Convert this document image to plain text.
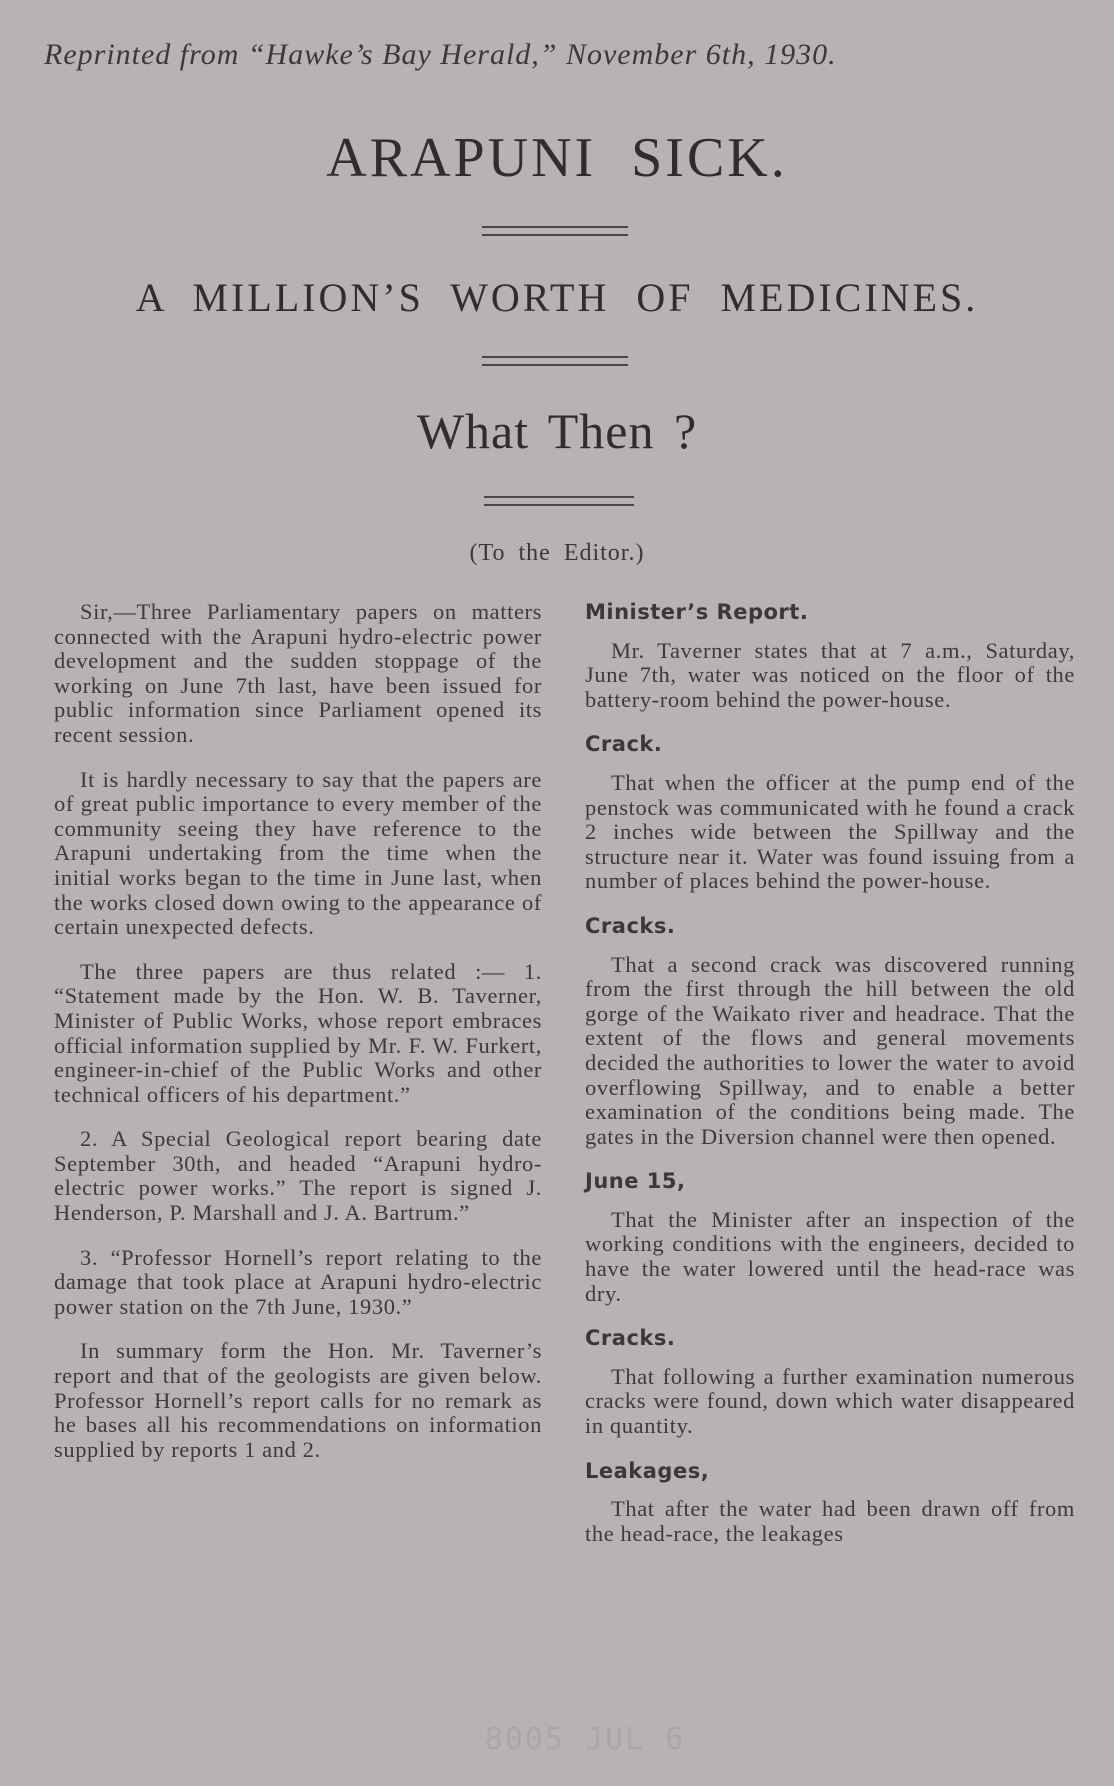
Reprinted from “Hawke’s Bay Herald,” November 6th, 1930.
ARAPUNI SICK.
A MILLION’S WORTH OF MEDICINES.
What Then ?
(To the Editor.)

Sir,—Three Parliamentary papers on matters connected with the Arapuni hydro-electric power development and the sudden stoppage of the working on June 7th last, have been issued for public information since Parliament opened its recent session.

It is hardly necessary to say that the papers are of great public importance to every member of the community seeing they have reference to the Arapuni undertaking from the time when the initial works began to the time in June last, when the works closed down owing to the appearance of certain unexpected defects.

The three papers are thus related :— 1. “Statement made by the Hon. W. B. Taverner, Minister of Public Works, whose report embraces official information supplied by Mr. F. W. Furkert, engineer-in-chief of the Public Works and other technical officers of his department.”

2. A Special Geological report bearing date September 30th, and headed “Arapuni hydro-electric power works.” The report is signed J. Henderson, P. Marshall and J. A. Bartrum.”

3. “Professor Hornell’s report relating to the damage that took place at Arapuni hydro-electric power station on the 7th June, 1930.”

In summary form the Hon. Mr. Taverner’s report and that of the geologists are given below. Professor Hornell’s report calls for no remark as he bases all his recommendations on information supplied by reports 1 and 2.

Minister’s Report.

Mr. Taverner states that at 7 a.m., Saturday, June 7th, water was noticed on the floor of the battery-room behind the power-house.

Crack.

That when the officer at the pump end of the penstock was communicated with he found a crack 2 inches wide between the Spillway and the structure near it. Water was found issuing from a number of places behind the power-house.

Cracks.

That a second crack was discovered running from the first through the hill between the old gorge of the Waikato river and headrace. That the extent of the flows and general movements decided the authorities to lower the water to avoid overflowing Spillway, and to enable a better examination of the conditions being made. The gates in the Diversion channel were then opened.

June 15,

That the Minister after an inspection of the working conditions with the engineers, decided to have the water lowered until the head-race was dry.

Cracks.

That following a further examination numerous cracks were found, down which water disappeared in quantity.

Leakages,

That after the water had been drawn off from the head-race, the leakages

8005 JUL 6
